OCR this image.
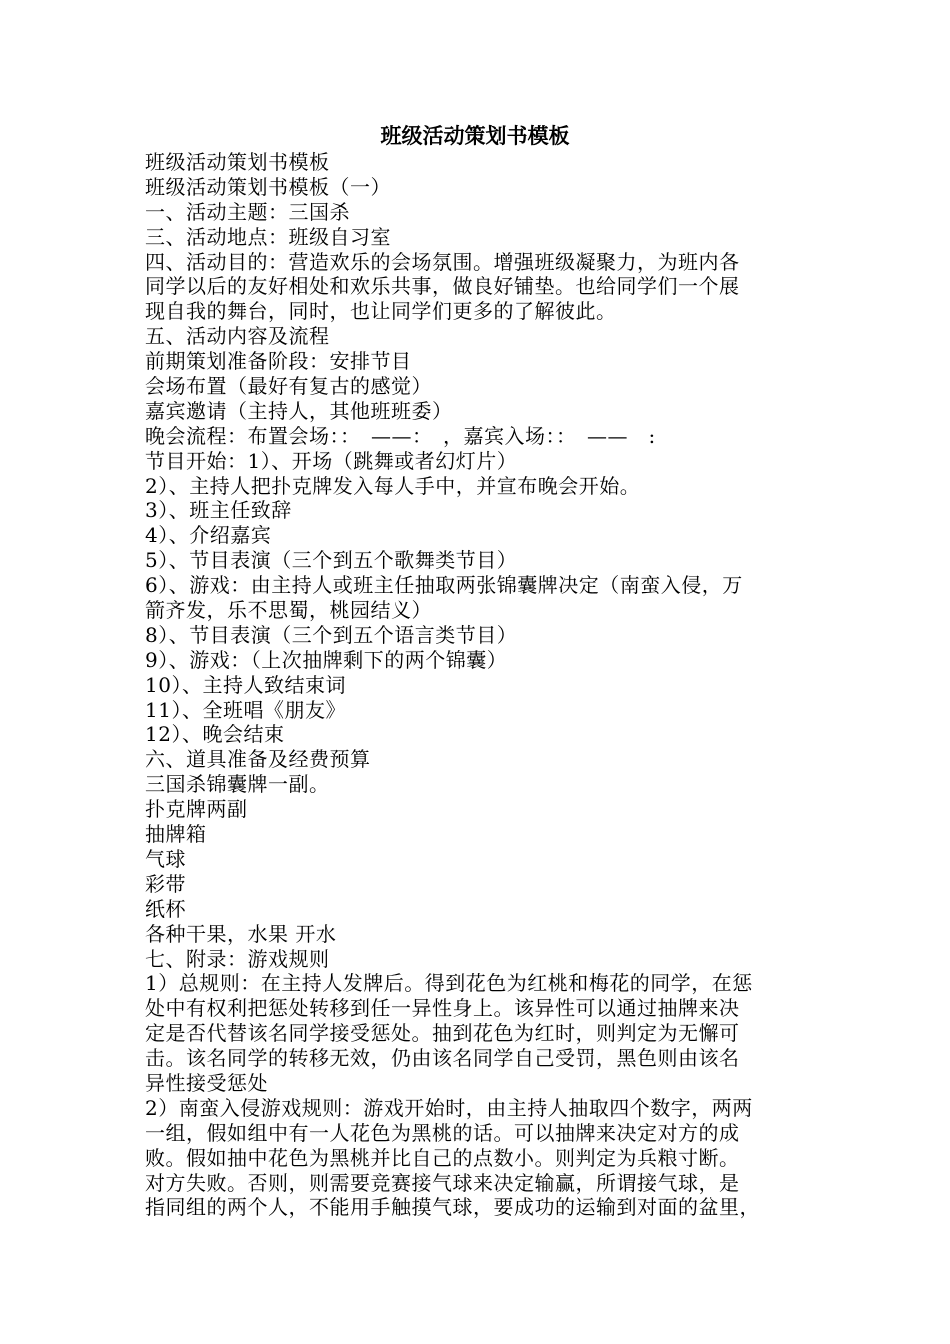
班级活动策划书模板
班级活动策划书模板
班级活动策划书模板（一）
一、活动主题：三国杀
三、活动地点：班级自习室
四、活动目的：营造欢乐的会场氛围。增强班级凝聚力，为班内各
同学以后的友好相处和欢乐共事，做良好铺垫。也给同学们一个展
现自我的舞台，同时，也让同学们更多的了解彼此。
五、活动内容及流程
前期策划准备阶段：安排节目
会场布置（最好有复古的感觉）
嘉宾邀请（主持人，其他班班委）
晚会流程：布置会场：：　——：　，嘉宾入场：：　——　:
节目开始：1）、开场（跳舞或者幻灯片）
2）、主持人把扑克牌发入每人手中，并宣布晚会开始。
3）、班主任致辞
4）、介绍嘉宾
5）、节目表演（三个到五个歌舞类节目）
6）、游戏：由主持人或班主任抽取两张锦囊牌决定（南蛮入侵，万
箭齐发，乐不思蜀，桃园结义）
8）、节目表演（三个到五个语言类节目）
9）、游戏：（上次抽牌剩下的两个锦囊）
10）、主持人致结束词
11）、全班唱《朋友》
12）、晚会结束
六、道具准备及经费预算
三国杀锦囊牌一副。
扑克牌两副
抽牌箱
气球
彩带
纸杯
各种干果，水果 开水
七、附录：游戏规则
1）总规则：在主持人发牌后。得到花色为红桃和梅花的同学，在惩
处中有权利把惩处转移到任一异性身上。该异性可以通过抽牌来决
定是否代替该名同学接受惩处。抽到花色为红时，则判定为无懈可
击。该名同学的转移无效，仍由该名同学自己受罚，黑色则由该名
异性接受惩处
2）南蛮入侵游戏规则：游戏开始时，由主持人抽取四个数字，两两
一组，假如组中有一人花色为黑桃的话。可以抽牌来决定对方的成
败。假如抽中花色为黑桃并比自己的点数小。则判定为兵粮寸断。
对方失败。否则，则需要竞赛接气球来决定输赢，所谓接气球，是
指同组的两个人，不能用手触摸气球，要成功的运输到对面的盆里，
